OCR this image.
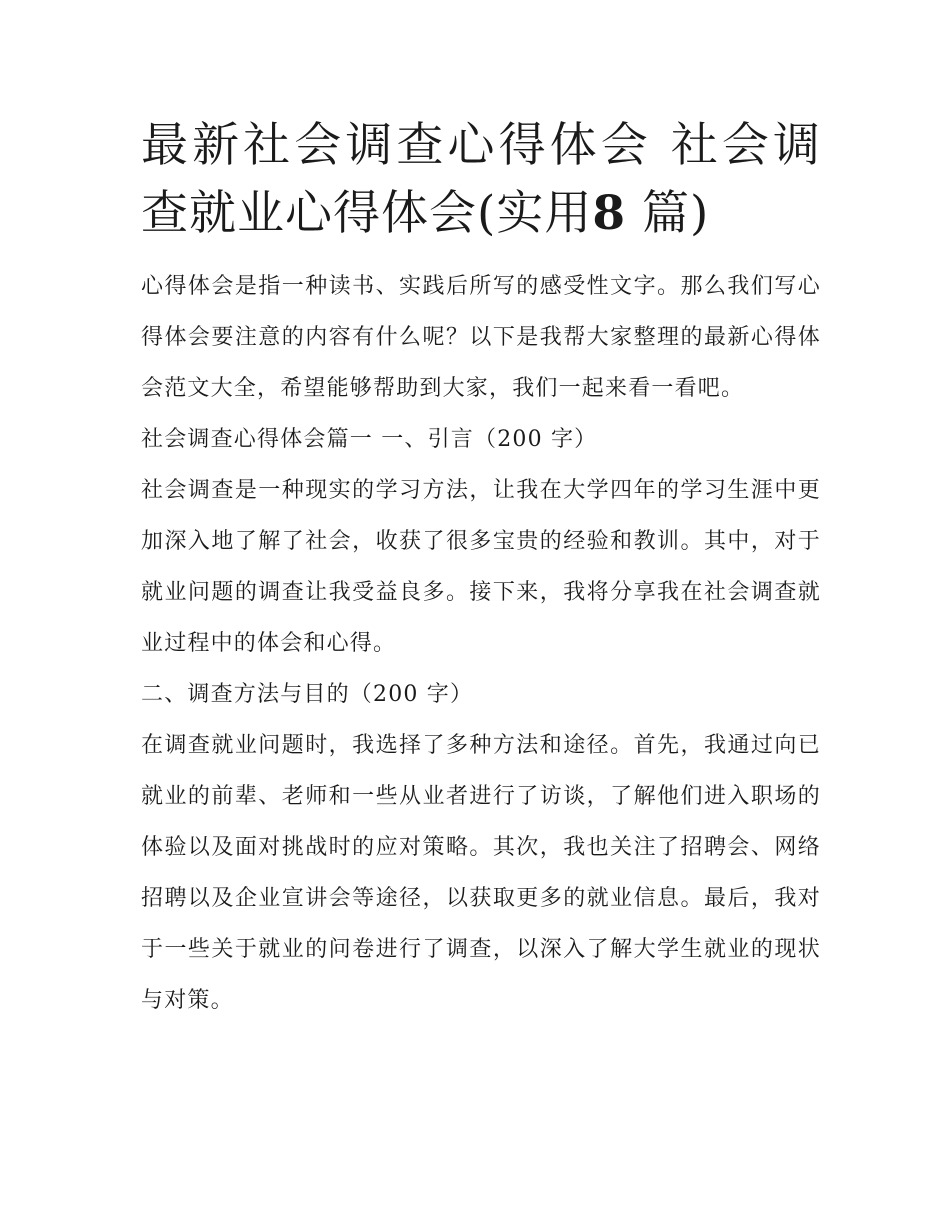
最新社会调查心得体会 社会调查就业心得体会(实用8 篇)

心得体会是指一种读书、实践后所写的感受性文字。那么我们写心得体会要注意的内容有什么呢？以下是我帮大家整理的最新心得体会范文大全，希望能够帮助到大家，我们一起来看一看吧。

社会调查心得体会篇一 一、引言（200 字）

社会调查是一种现实的学习方法，让我在大学四年的学习生涯中更加深入地了解了社会，收获了很多宝贵的经验和教训。其中，对于就业问题的调查让我受益良多。接下来，我将分享我在社会调查就业过程中的体会和心得。

二、调查方法与目的（200 字）

在调查就业问题时，我选择了多种方法和途径。首先，我通过向已就业的前辈、老师和一些从业者进行了访谈，了解他们进入职场的体验以及面对挑战时的应对策略。其次，我也关注了招聘会、网络招聘以及企业宣讲会等途径，以获取更多的就业信息。最后，我对于一些关于就业的问卷进行了调查，以深入了解大学生就业的现状与对策。
